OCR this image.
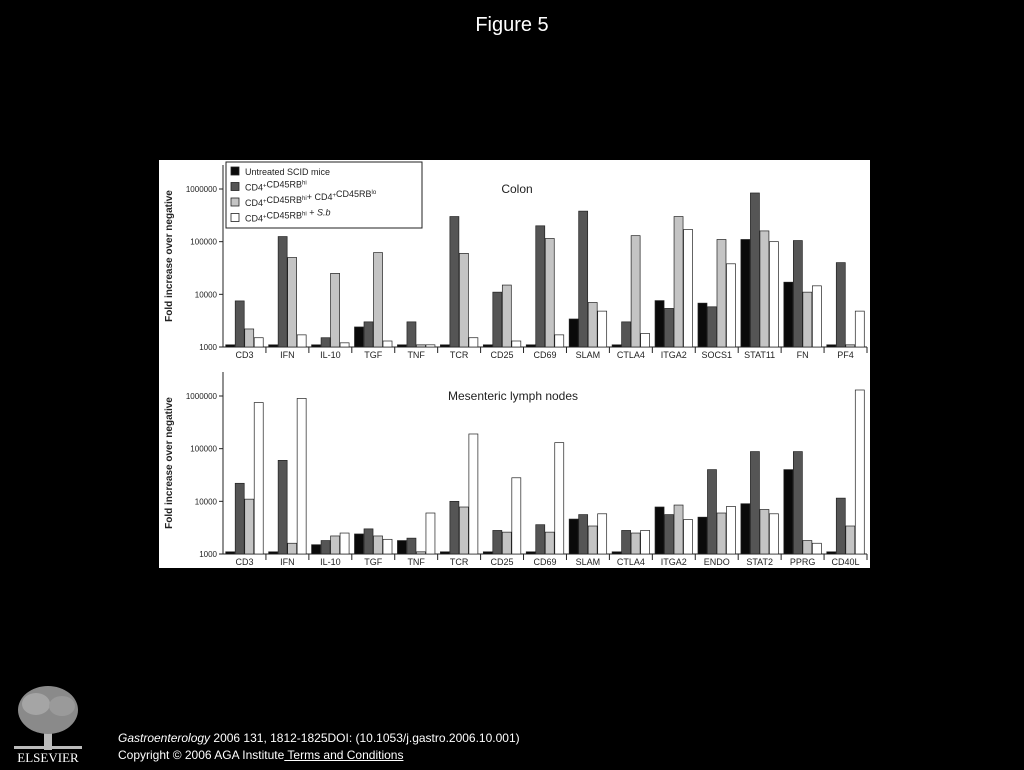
Figure 5
1000
10000
100000
1000000
Fold increase over negative
Colon
CD3	IFN	IL-10	TGF	TNF	TCR CD25 CD69 SLAM CTLA4 ITGA2 SOCS1 STAT11 FN	PF4
Untreated SCID mice
$CD4^+CD45RB^{hi}$
$CD4^+CD45RB^{hi}+ CD4^+CD45RB^{lo}$
$CD4^+CD45RB^{hi} + S.b$
1000
10000
100000
1000000
Fold increase over negative
Mesenteric lymph nodes
CD3	IFN	IL-10	TGF	TNF	TCR CD25 CD69 SLAM CTLA4 ITGA2 ENDO STAT2 PPRG CD40L
ELSEVIER
Gastroenterology 2006 131, 1812-1825DOI: (10.1053/j.gastro.2006.10.001)
Copyright © 2006 AGA Institute Terms and Conditions
